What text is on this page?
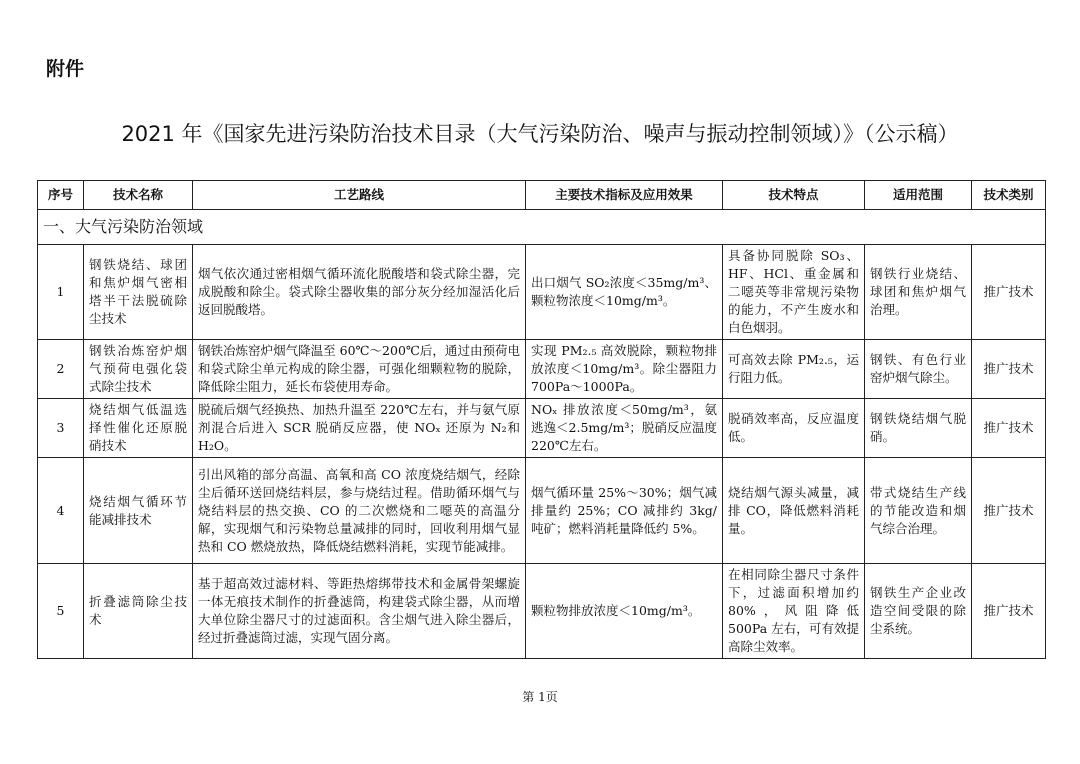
附件
2021 年《国家先进污染防治技术目录（大气污染防治、噪声与振动控制领域）》（公示稿）
序号	技术名称	工艺路线	主要技术指标及应用效果	技术特点	适用范围	技术类别
一、大气污染防治领域						
1	钢铁烧结、球团和焦炉烟气密相塔半干法脱硫除尘技术	烟气依次通过密相烟气循环流化脱酸塔和袋式除尘器，完成脱酸和除尘。袋式除尘器收集的部分灰分经加湿活化后返回脱酸塔。	出口烟气 SO₂浓度＜35mg/m³、颗粒物浓度＜10mg/m³。	具备协同脱除 SO₃、HF、HCl、重金属和二噁英等非常规污染物的能力，不产生废水和白色烟羽。	钢铁行业烧结、球团和焦炉烟气治理。	推广技术
2	钢铁冶炼窑炉烟气预荷电强化袋式除尘技术	钢铁冶炼窑炉烟气降温至 60℃～200℃后，通过由预荷电和袋式除尘单元构成的除尘器，可强化细颗粒物的脱除，降低除尘阻力，延长布袋使用寿命。	实现 PM₂.₅ 高效脱除，颗粒物排放浓度＜10mg/m³。除尘器阻力 700Pa～1000Pa。	可高效去除 PM₂.₅，运行阻力低。	钢铁、有色行业窑炉烟气除尘。	推广技术
3	烧结烟气低温选择性催化还原脱硝技术	脱硫后烟气经换热、加热升温至 220℃左右，并与氨气原剂混合后进入 SCR 脱硝反应器，使 NOₓ 还原为 N₂和 H₂O。	NOₓ 排放浓度＜50mg/m³，氨逃逸＜2.5mg/m³；脱硝反应温度 220℃左右。	脱硝效率高，反应温度低。	钢铁烧结烟气脱硝。	推广技术
4	烧结烟气循环节能减排技术	引出风箱的部分高温、高氧和高 CO 浓度烧结烟气，经除尘后循环送回烧结料层，参与烧结过程。借助循环烟气与烧结料层的热交换、CO 的二次燃烧和二噁英的高温分解，实现烟气和污染物总量减排的同时，回收利用烟气显热和 CO 燃烧放热，降低烧结燃料消耗，实现节能减排。	烟气循环量 25%～30%；烟气减排量约 25%；CO 减排约 3kg/吨矿；燃料消耗量降低约 5%。	烧结烟气源头减量，减排 CO，降低燃料消耗量。	带式烧结生产线的节能改造和烟气综合治理。	推广技术
5	折叠滤筒除尘技术	基于超高效过滤材料、等距热熔绑带技术和金属骨架螺旋一体无痕技术制作的折叠滤筒，构建袋式除尘器，从而增大单位除尘器尺寸的过滤面积。含尘烟气进入除尘器后，经过折叠滤筒过滤，实现气固分离。	颗粒物排放浓度＜10mg/m³。	在相同除尘器尺寸条件下，过滤面积增加约 80%，风阻降低 500Pa 左右，可有效提高除尘效率。	钢铁生产企业改造空间受限的除尘系统。	推广技术
第 1页
